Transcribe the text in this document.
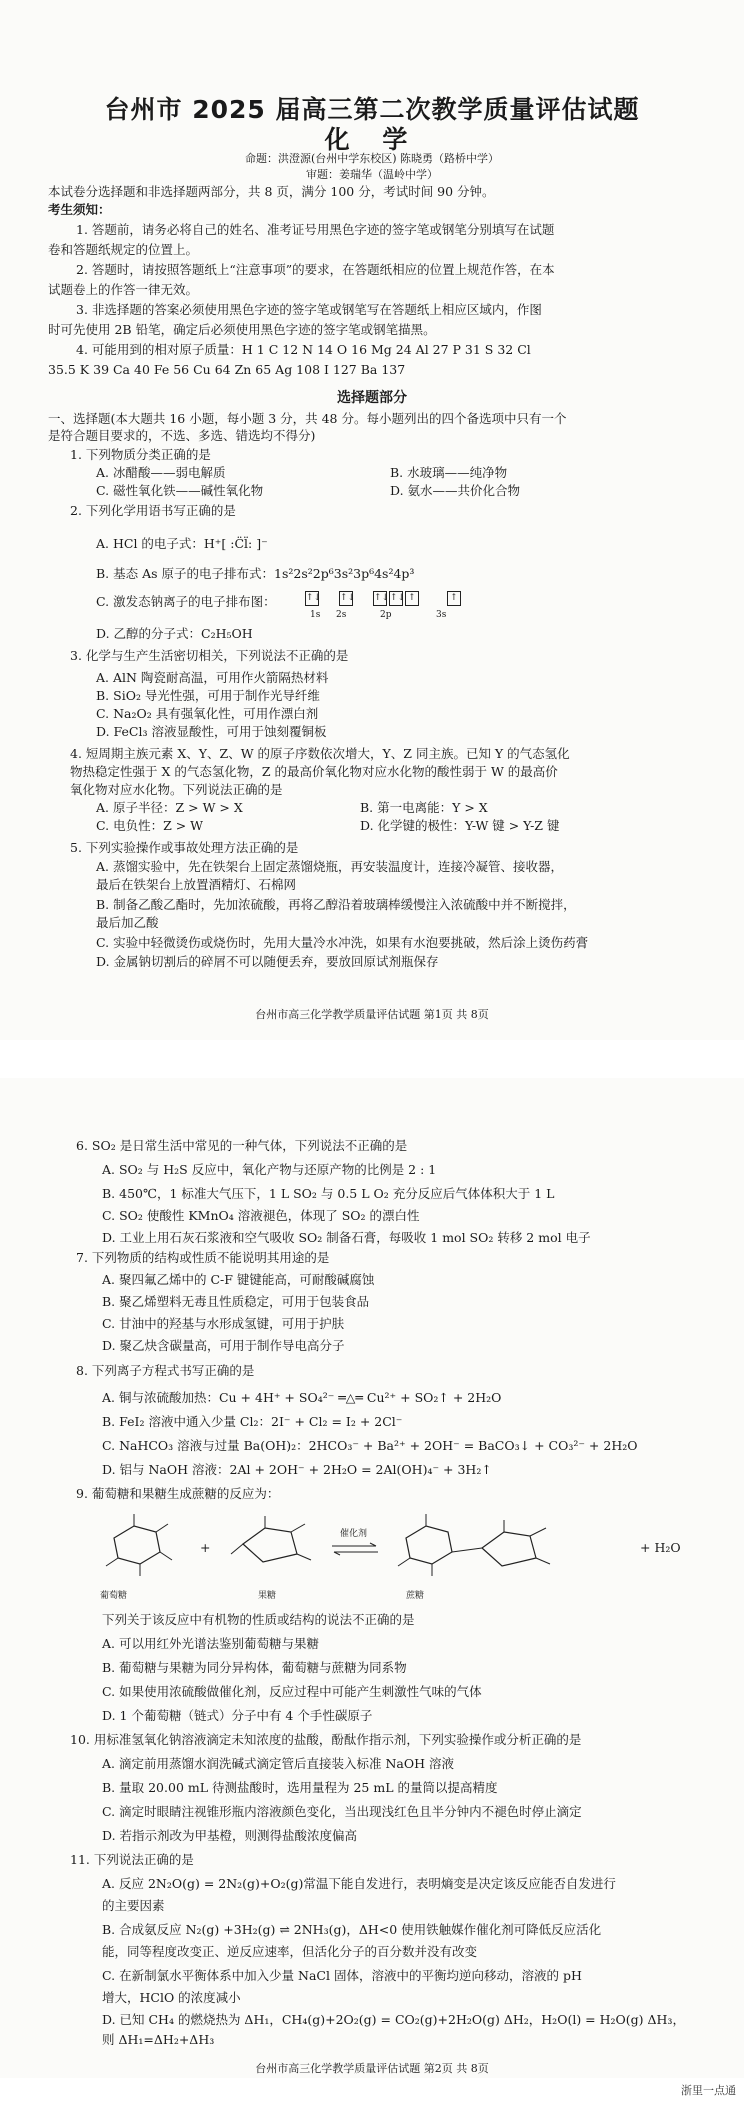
台州市 2025 届高三第二次教学质量评估试题
化 学
命题：洪澄源(台州中学东校区) 陈晓勇（路桥中学）
审题：姜瑞华（温岭中学）
本试卷分选择题和非选择题两部分，共 8 页，满分 100 分，考试时间 90 分钟。
考生须知：
1. 答题前，请务必将自己的姓名、准考证号用黑色字迹的签字笔或钢笔分别填写在试题
卷和答题纸规定的位置上。
2. 答题时，请按照答题纸上“注意事项”的要求，在答题纸相应的位置上规范作答，在本
试题卷上的作答一律无效。
3. 非选择题的答案必须使用黑色字迹的签字笔或钢笔写在答题纸上相应区域内，作图
时可先使用 2B 铅笔，确定后必须使用黑色字迹的签字笔或钢笔描黑。
4. 可能用到的相对原子质量：H 1 C 12 N 14 O 16 Mg 24 Al 27 P 31 S 32 Cl
35.5 K 39 Ca 40 Fe 56 Cu 64 Zn 65 Ag 108 I 127 Ba 137
选择题部分
一、选择题(本大题共 16 小题，每小题 3 分，共 48 分。每小题列出的四个备选项中只有一个
是符合题目要求的，不选、多选、错选均不得分)
1. 下列物质分类正确的是
A. 冰醋酸——弱电解质	B. 水玻璃——纯净物
C. 磁性氧化铁——碱性氧化物	D. 氨水——共价化合物
2. 下列化学用语书写正确的是
A. HCl 的电子式：H⁺[ :C̈l̈: ]⁻
B. 基态 As 原子的电子排布式：1s²2s²2p⁶3s²3p⁶4s²4p³
C. 激发态钠离子的电子排布图：	↑↓ ↑↓ ↑↓↑↓ ↑	↑
1s 2s	2p	3s
D. 乙醇的分子式：C₂H₅OH
3. 化学与生产生活密切相关，下列说法不正确的是
A. AlN 陶瓷耐高温，可用作火箭隔热材料
B. SiO₂ 导光性强，可用于制作光导纤维
C. Na₂O₂ 具有强氧化性，可用作漂白剂
D. FeCl₃ 溶液显酸性，可用于蚀刻覆铜板
4. 短周期主族元素 X、Y、Z、W 的原子序数依次增大，Y、Z 同主族。已知 Y 的气态氢化
物热稳定性强于 X 的气态氢化物，Z 的最高价氧化物对应水化物的酸性弱于 W 的最高价
氧化物对应水化物。下列说法正确的是
A. 原子半径：Z > W > X	B. 第一电离能：Y > X
C. 电负性：Z > W	D. 化学键的极性：Y-W 键 > Y-Z 键
5. 下列实验操作或事故处理方法正确的是
A. 蒸馏实验中，先在铁架台上固定蒸馏烧瓶，再安装温度计，连接冷凝管、接收器，
最后在铁架台上放置酒精灯、石棉网
B. 制备乙酸乙酯时，先加浓硫酸，再将乙醇沿着玻璃棒缓慢注入浓硫酸中并不断搅拌，
最后加乙酸
C. 实验中轻微烫伤或烧伤时，先用大量冷水冲洗，如果有水泡要挑破，然后涂上烫伤药膏
D. 金属钠切割后的碎屑不可以随便丢弃，要放回原试剂瓶保存
台州市高三化学教学质量评估试题 第1页 共 8页
6. SO₂ 是日常生活中常见的一种气体，下列说法不正确的是
A. SO₂ 与 H₂S 反应中，氧化产物与还原产物的比例是 2 : 1
B. 450℃，1 标准大气压下，1 L SO₂ 与 0.5 L O₂ 充分反应后气体体积大于 1 L
C. SO₂ 使酸性 KMnO₄ 溶液褪色，体现了 SO₂ 的漂白性
D. 工业上用石灰石浆液和空气吸收 SO₂ 制备石膏，每吸收 1 mol SO₂ 转移 2 mol 电子
7. 下列物质的结构或性质不能说明其用途的是
A. 聚四氟乙烯中的 C-F 键键能高，可耐酸碱腐蚀
B. 聚乙烯塑料无毒且性质稳定，可用于包装食品
C. 甘油中的羟基与水形成氢键，可用于护肤
D. 聚乙炔含碳量高，可用于制作导电高分子
8. 下列离子方程式书写正确的是
A. 铜与浓硫酸加热：Cu + 4H⁺ + SO₄²⁻ ═△═ Cu²⁺ + SO₂↑ + 2H₂O
B. FeI₂ 溶液中通入少量 Cl₂：2I⁻ + Cl₂ = I₂ + 2Cl⁻
C. NaHCO₃ 溶液与过量 Ba(OH)₂：2HCO₃⁻ + Ba²⁺ + 2OH⁻ = BaCO₃↓ + CO₃²⁻ + 2H₂O
D. 铝与 NaOH 溶液：2Al + 2OH⁻ + 2H₂O = 2Al(OH)₄⁻ + 3H₂↑
9. 葡萄糖和果糖生成蔗糖的反应为：
葡萄糖
+
果糖
催化剂
蔗糖
+ H₂O
下列关于该反应中有机物的性质或结构的说法不正确的是
A. 可以用红外光谱法鉴别葡萄糖与果糖
B. 葡萄糖与果糖为同分异构体，葡萄糖与蔗糖为同系物
C. 如果使用浓硫酸做催化剂，反应过程中可能产生刺激性气味的气体
D. 1 个葡萄糖（链式）分子中有 4 个手性碳原子
10. 用标准氢氧化钠溶液滴定未知浓度的盐酸，酚酞作指示剂，下列实验操作或分析正确的是
A. 滴定前用蒸馏水润洗碱式滴定管后直接装入标准 NaOH 溶液
B. 量取 20.00 mL 待测盐酸时，选用量程为 25 mL 的量筒以提高精度
C. 滴定时眼睛注视锥形瓶内溶液颜色变化，当出现浅红色且半分钟内不褪色时停止滴定
D. 若指示剂改为甲基橙，则测得盐酸浓度偏高
11. 下列说法正确的是
A. 反应 2N₂O(g) = 2N₂(g)+O₂(g)常温下能自发进行，表明熵变是决定该反应能否自发进行
的主要因素
B. 合成氨反应 N₂(g) +3H₂(g) ⇌ 2NH₃(g)，ΔH<0 使用铁触媒作催化剂可降低反应活化
能，同等程度改变正、逆反应速率，但活化分子的百分数并没有改变
C. 在新制氯水平衡体系中加入少量 NaCl 固体，溶液中的平衡均逆向移动，溶液的 pH
增大，HClO 的浓度减小
D. 已知 CH₄ 的燃烧热为 ΔH₁，CH₄(g)+2O₂(g) = CO₂(g)+2H₂O(g) ΔH₂，H₂O(l) = H₂O(g) ΔH₃，
则 ΔH₁=ΔH₂+ΔH₃
台州市高三化学教学质量评估试题 第2页 共 8页
浙里一点通
